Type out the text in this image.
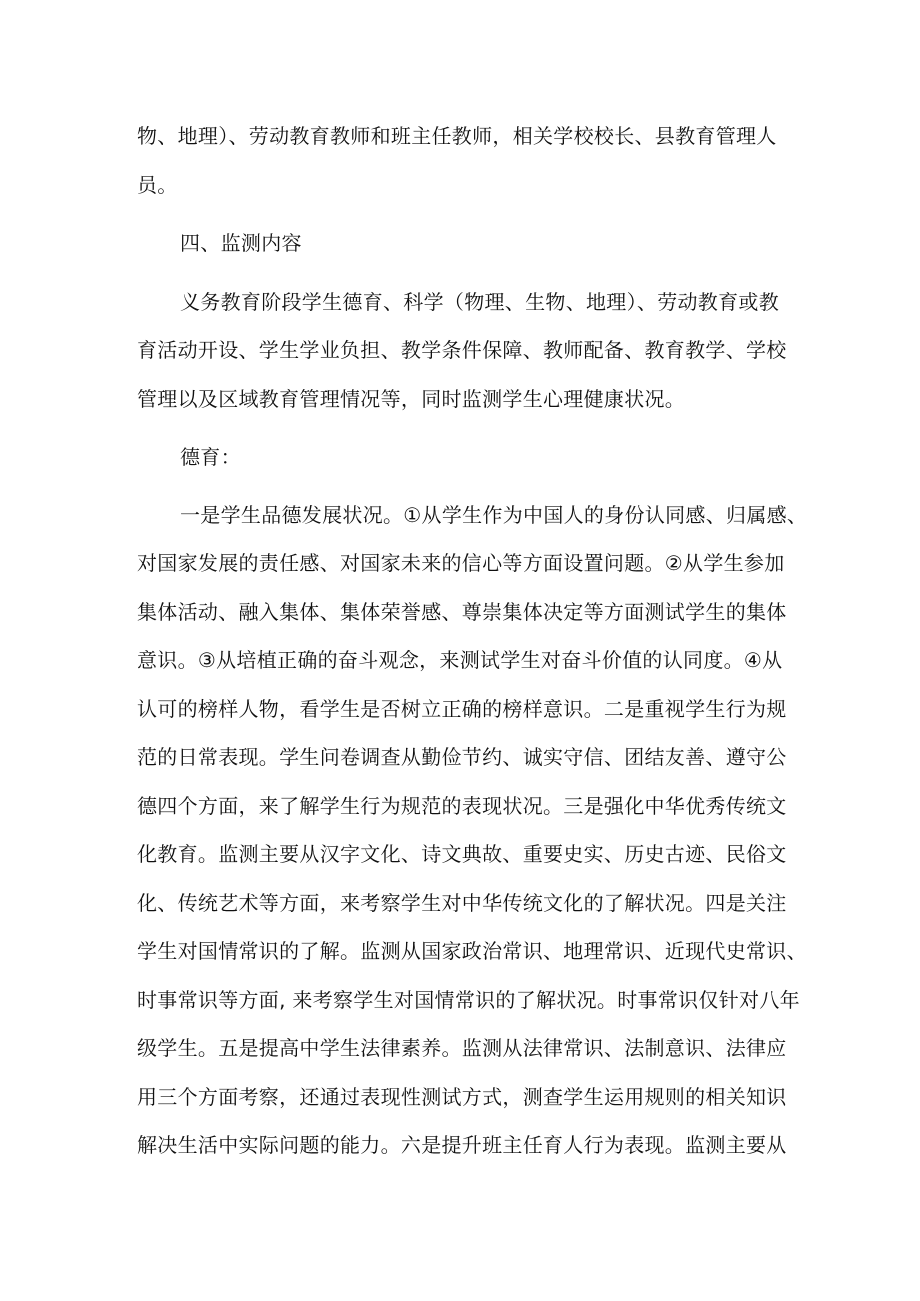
物、地理）、劳动教育教师和班主任教师，相关学校校长、县教育管理人
员。
四、监测内容
义务教育阶段学生德育、科学（物理、生物、地理）、劳动教育或教
育活动开设、学生学业负担、教学条件保障、教师配备、教育教学、学校
管理以及区域教育管理情况等，同时监测学生心理健康状况。
德育：
一是学生品德发展状况。①从学生作为中国人的身份认同感、归属感、
对国家发展的责任感、对国家未来的信心等方面设置问题。②从学生参加
集体活动、融入集体、集体荣誉感、尊崇集体决定等方面测试学生的集体
意识。③从培植正确的奋斗观念，来测试学生对奋斗价值的认同度。④从
认可的榜样人物，看学生是否树立正确的榜样意识。二是重视学生行为规
范的日常表现。学生问卷调查从勤俭节约、诚实守信、团结友善、遵守公
德四个方面，来了解学生行为规范的表现状况。三是强化中华优秀传统文
化教育。监测主要从汉字文化、诗文典故、重要史实、历史古迹、民俗文
化、传统艺术等方面，来考察学生对中华传统文化的了解状况。四是关注
学生对国情常识的了解。监测从国家政治常识、地理常识、近现代史常识、
时事常识等方面, 来考察学生对国情常识的了解状况。时事常识仅针对八年
级学生。五是提高中学生法律素养。监测从法律常识、法制意识、法律应
用三个方面考察，还通过表现性测试方式，测查学生运用规则的相关知识
解决生活中实际问题的能力。六是提升班主任育人行为表现。监测主要从
